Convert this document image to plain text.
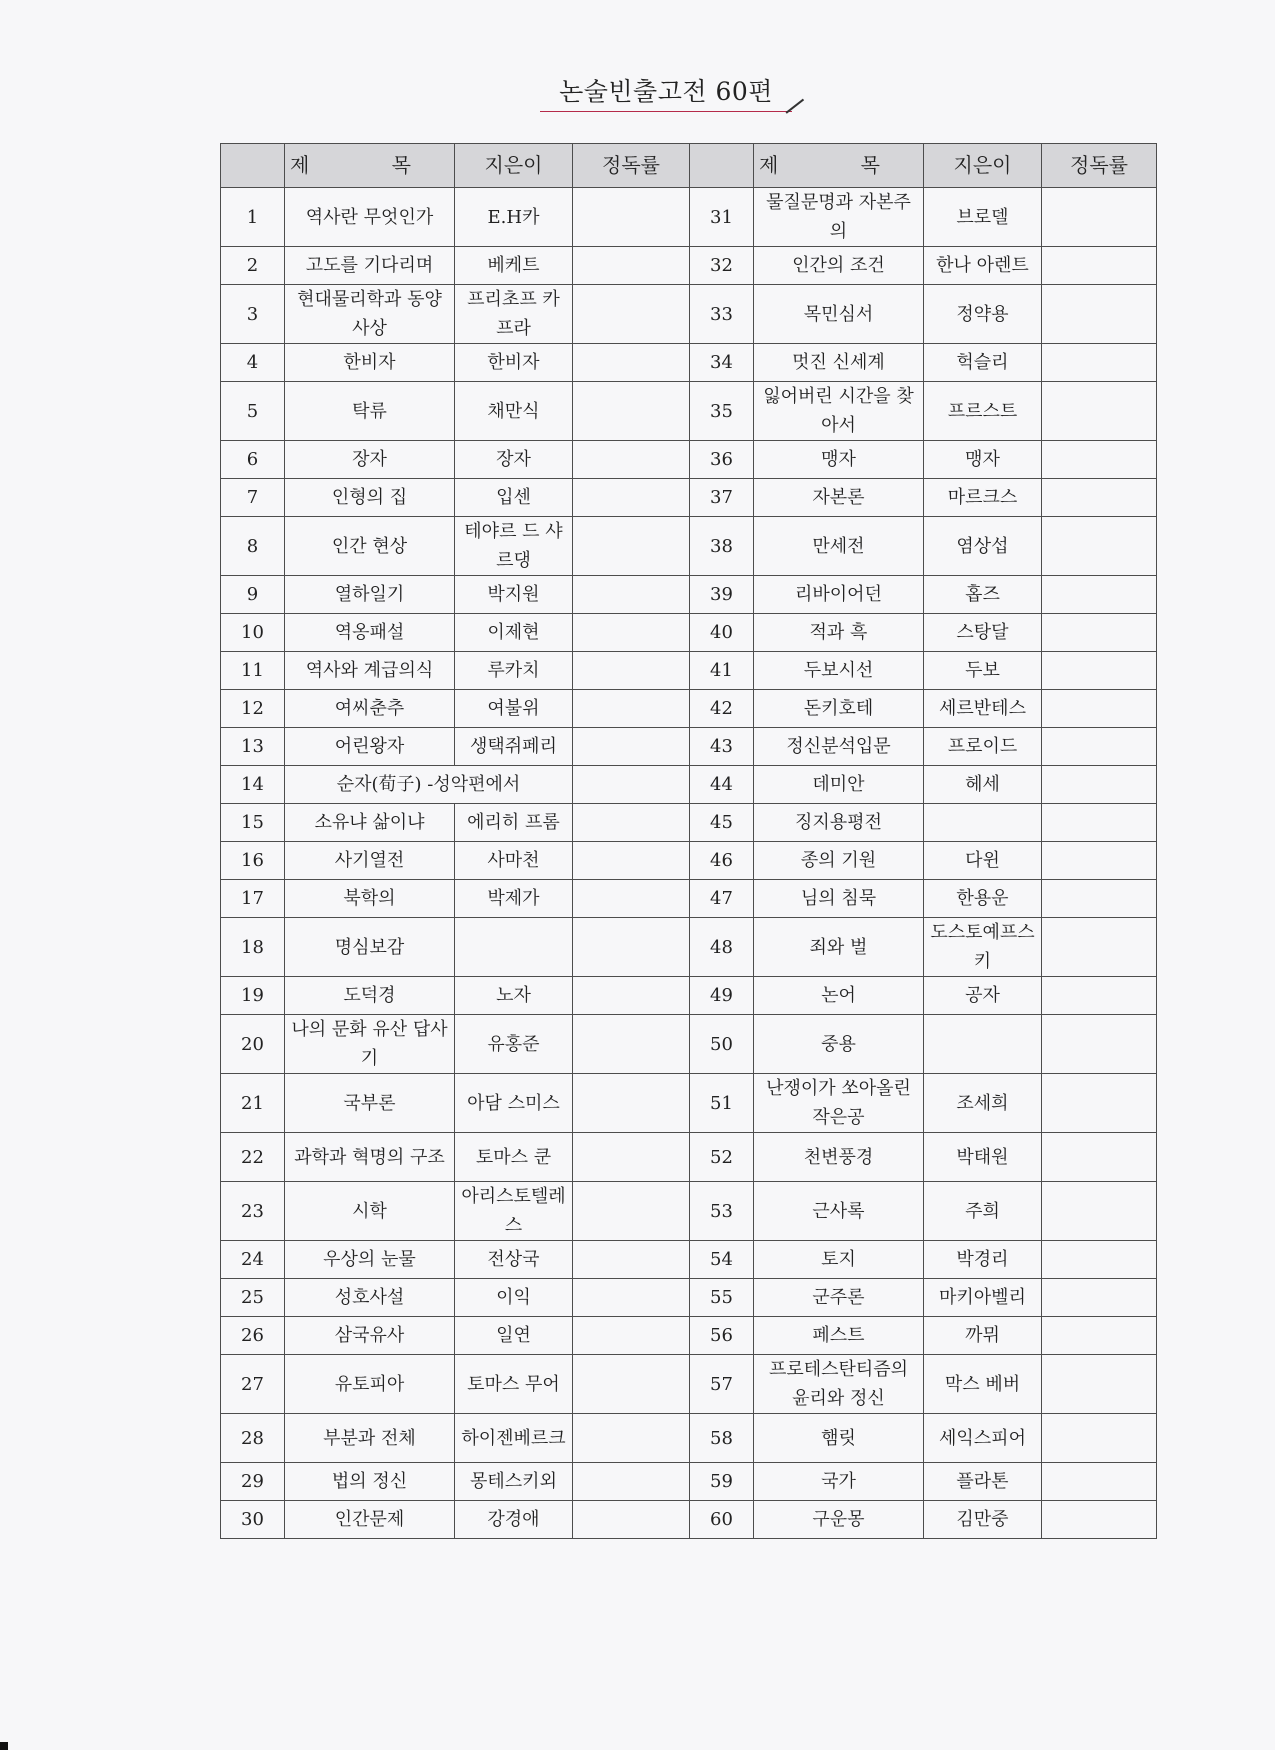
논술빈출고전 60편
	제 목	지은이	정독률		제 목	지은이	정독률
1	역사란 무엇인가	E.H카		31	물질문명과 자본주의	브로델	
2	고도를 기다리며	베케트		32	인간의 조건	한나 아렌트	
3	현대물리학과 동양사상	프리초프 카프라		33	목민심서	정약용	
4	한비자	한비자		34	멋진 신세계	헉슬리	
5	탁류	채만식		35	잃어버린 시간을 찾아서	프르스트	
6	장자	장자		36	맹자	맹자	
7	인형의 집	입센		37	자본론	마르크스	
8	인간 현상	테야르 드 샤르댕		38	만세전	염상섭	
9	열하일기	박지원		39	리바이어던	홉즈	
10	역옹패설	이제현		40	적과 흑	스탕달	
11	역사와 계급의식	루카치		41	두보시선	두보	
12	여씨춘추	여불위		42	돈키호테	세르반테스	
13	어린왕자	생택쥐페리		43	정신분석입문	프로이드	
14	순자(荀子) -성악편에서			44	데미안	헤세	
15	소유냐 삶이냐	에리히 프롬		45	징지용평전		
16	사기열전	사마천		46	종의 기원	다윈	
17	북학의	박제가		47	님의 침묵	한용운	
18	명심보감			48	죄와 벌	도스토예프스키	
19	도덕경	노자		49	논어	공자	
20	나의 문화 유산 답사기	유홍준		50	중용		
21	국부론	아담 스미스		51	난쟁이가 쏘아올린 작은공	조세희	
22	과학과 혁명의 구조	토마스 쿤		52	천변풍경	박태원	
23	시학	아리스토텔레스		53	근사록	주희	
24	우상의 눈물	전상국		54	토지	박경리	
25	성호사설	이익		55	군주론	마키아벨리	
26	삼국유사	일연		56	페스트	까뮈	
27	유토피아	토마스 무어		57	프로테스탄티즘의 윤리와 정신	막스 베버	
28	부분과 전체	하이젠베르크		58	햄릿	세익스피어	
29	법의 정신	몽테스키외		59	국가	플라톤	
30	인간문제	강경애		60	구운몽	김만중	
